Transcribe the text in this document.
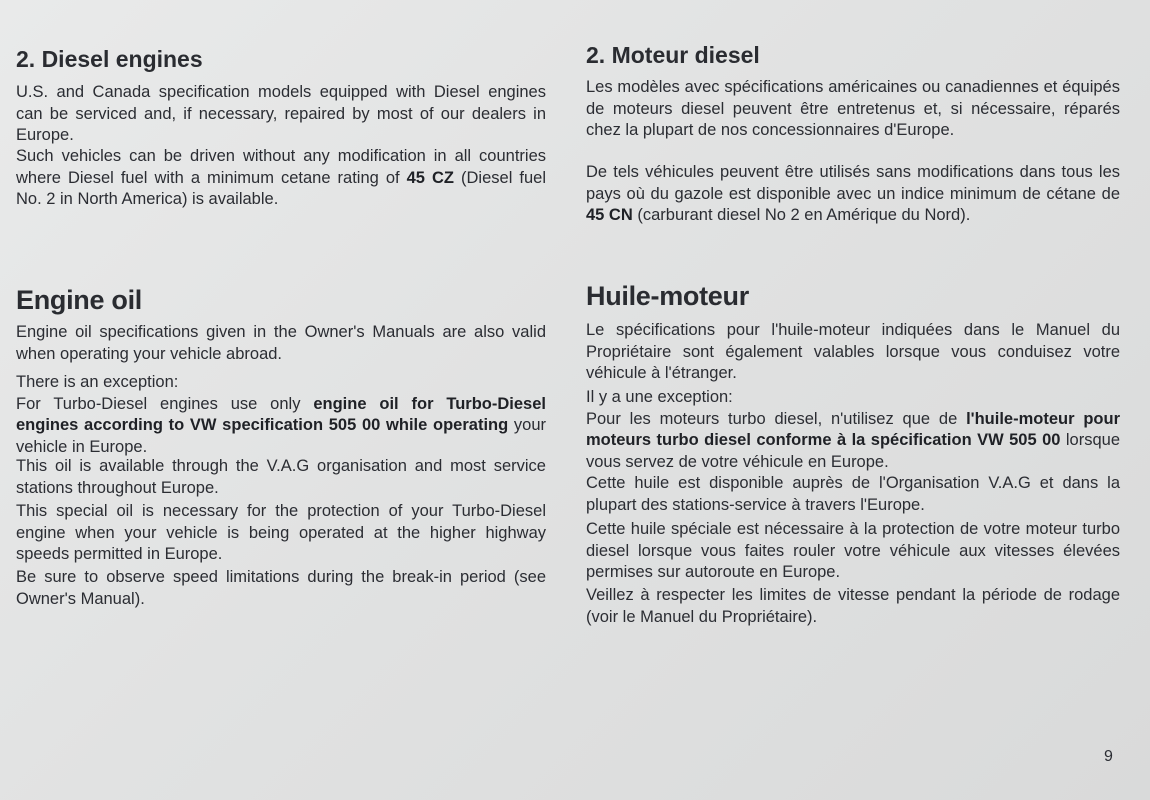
2. Diesel engines

U.S. and Canada specification models equipped with Diesel engines can be serviced and, if necessary, repaired by most of our dealers in Europe.

Such vehicles can be driven without any modification in all countries where Diesel fuel with a minimum cetane rating of 45 CZ (Diesel fuel No. 2 in North America) is available.

Engine oil

Engine oil specifications given in the Owner's Manuals are also valid when operating your vehicle abroad.

There is an exception:
For Turbo-Diesel engines use only engine oil for Turbo-Diesel engines according to VW specification 505 00 while operating your vehicle in Europe.

This oil is available through the V.A.G organisation and most service stations throughout Europe.

This special oil is necessary for the protection of your Turbo-Diesel engine when your vehicle is being operated at the higher highway speeds permitted in Europe.

Be sure to observe speed limitations during the break-in period (see Owner's Manual).

2. Moteur diesel

Les modèles avec spécifications américaines ou canadiennes et équipés de moteurs diesel peuvent être entretenus et, si nécessaire, réparés chez la plupart de nos concessionnaires d'Europe.

De tels véhicules peuvent être utilisés sans modifications dans tous les pays où du gazole est disponible avec un indice minimum de cétane de 45 CN (carburant diesel No 2 en Amérique du Nord).

Huile-moteur

Le spécifications pour l'huile-moteur indiquées dans le Manuel du Propriétaire sont également valables lorsque vous conduisez votre véhicule à l'étranger.

Il y a une exception:
Pour les moteurs turbo diesel, n'utilisez que de l'huile-moteur pour moteurs turbo diesel conforme à la spécification VW 505 00 lorsque vous servez de votre véhicule en Europe.

Cette huile est disponible auprès de l'Organisation V.A.G et dans la plupart des stations-service à travers l'Europe.

Cette huile spéciale est nécessaire à la protection de votre moteur turbo diesel lorsque vous faites rouler votre véhicule aux vitesses élevées permises sur autoroute en Europe.

Veillez à respecter les limites de vitesse pendant la période de rodage (voir le Manuel du Propriétaire).

9
